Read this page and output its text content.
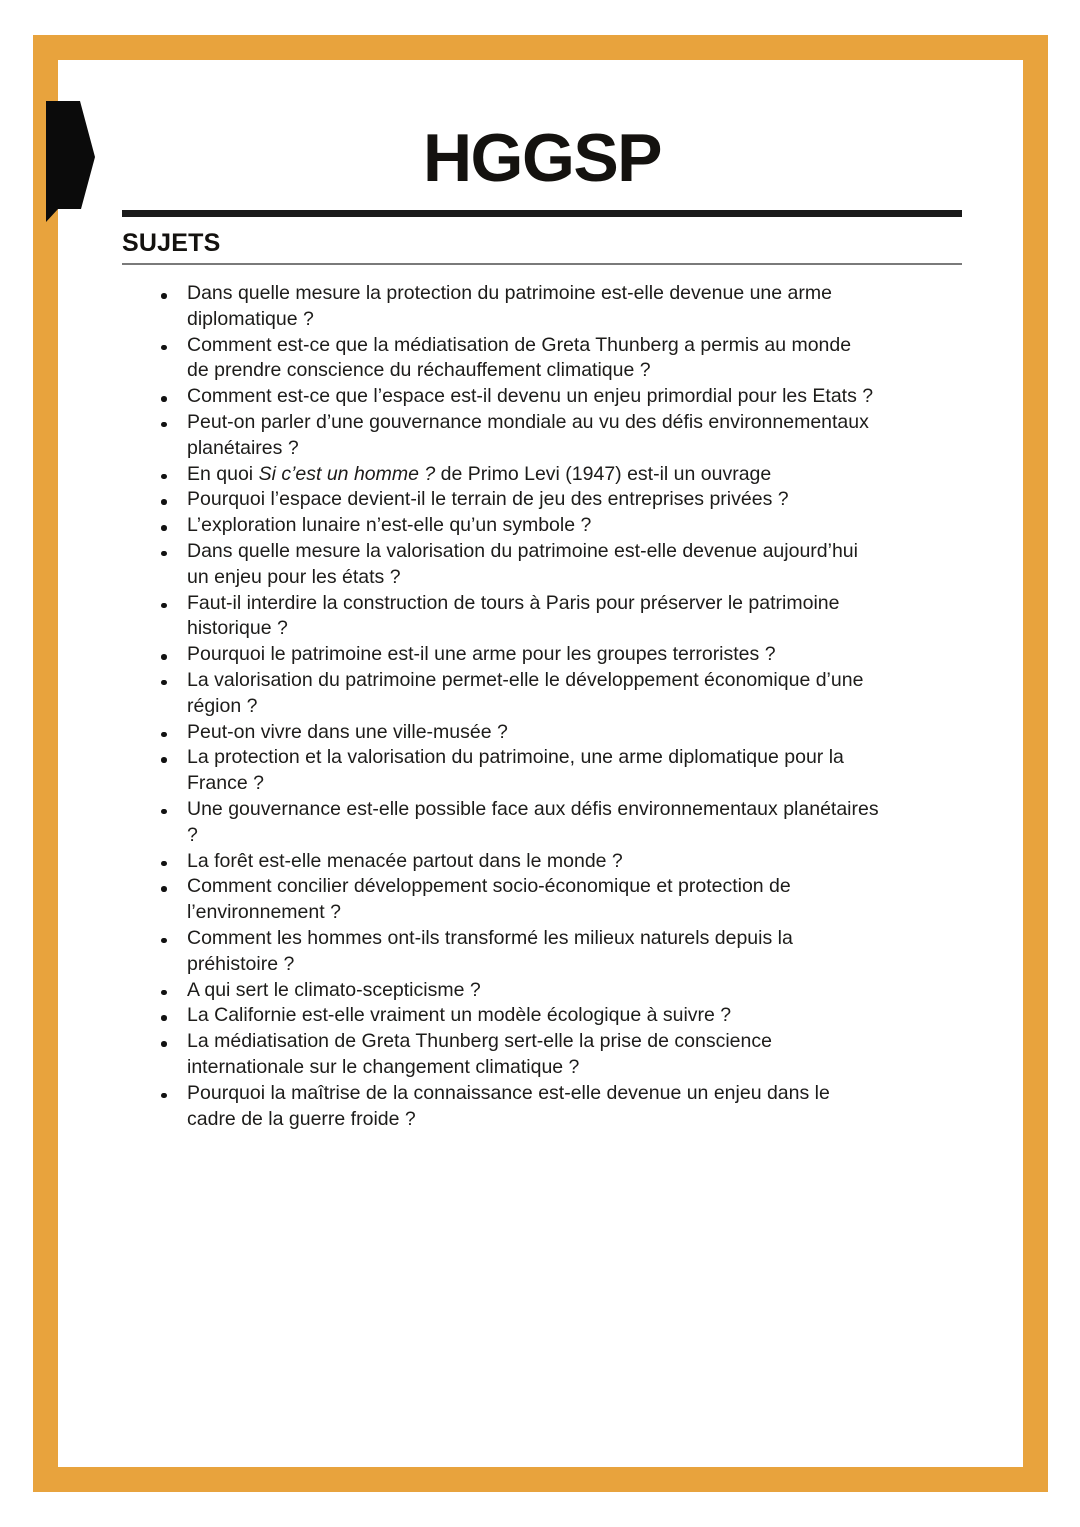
HGGSP
SUJETS
Dans quelle mesure la protection du patrimoine est-elle devenue une arme
diplomatique ?
Comment est-ce que la médiatisation de Greta Thunberg a permis au monde
de prendre conscience du réchauffement climatique ?
Comment est-ce que l’espace est-il devenu un enjeu primordial pour les Etats ?
Peut-on parler d’une gouvernance mondiale au vu des défis environnementaux
planétaires ?
En quoi Si c’est un homme ? de Primo Levi (1947) est-il un ouvrage
Pourquoi l’espace devient-il le terrain de jeu des entreprises privées ?
L’exploration lunaire n’est-elle qu’un symbole ?
Dans quelle mesure la valorisation du patrimoine est-elle devenue aujourd’hui
un enjeu pour les états ?
Faut-il interdire la construction de tours à Paris pour préserver le patrimoine
historique ?
Pourquoi le patrimoine est-il une arme pour les groupes terroristes ?
La valorisation du patrimoine permet-elle le développement économique d’une
région ?
Peut-on vivre dans une ville-musée ?
La protection et la valorisation du patrimoine, une arme diplomatique pour la
France ?
Une gouvernance est-elle possible face aux défis environnementaux planétaires
?
La forêt est-elle menacée partout dans le monde ?
Comment concilier développement socio-économique et protection de
l’environnement ?
Comment les hommes ont-ils transformé les milieux naturels depuis la
préhistoire ?
A qui sert le climato-scepticisme ?
La Californie est-elle vraiment un modèle écologique à suivre ?
La médiatisation de Greta Thunberg sert-elle la prise de conscience
internationale sur le changement climatique ?
Pourquoi la maîtrise de la connaissance est-elle devenue un enjeu dans le
cadre de la guerre froide ?
